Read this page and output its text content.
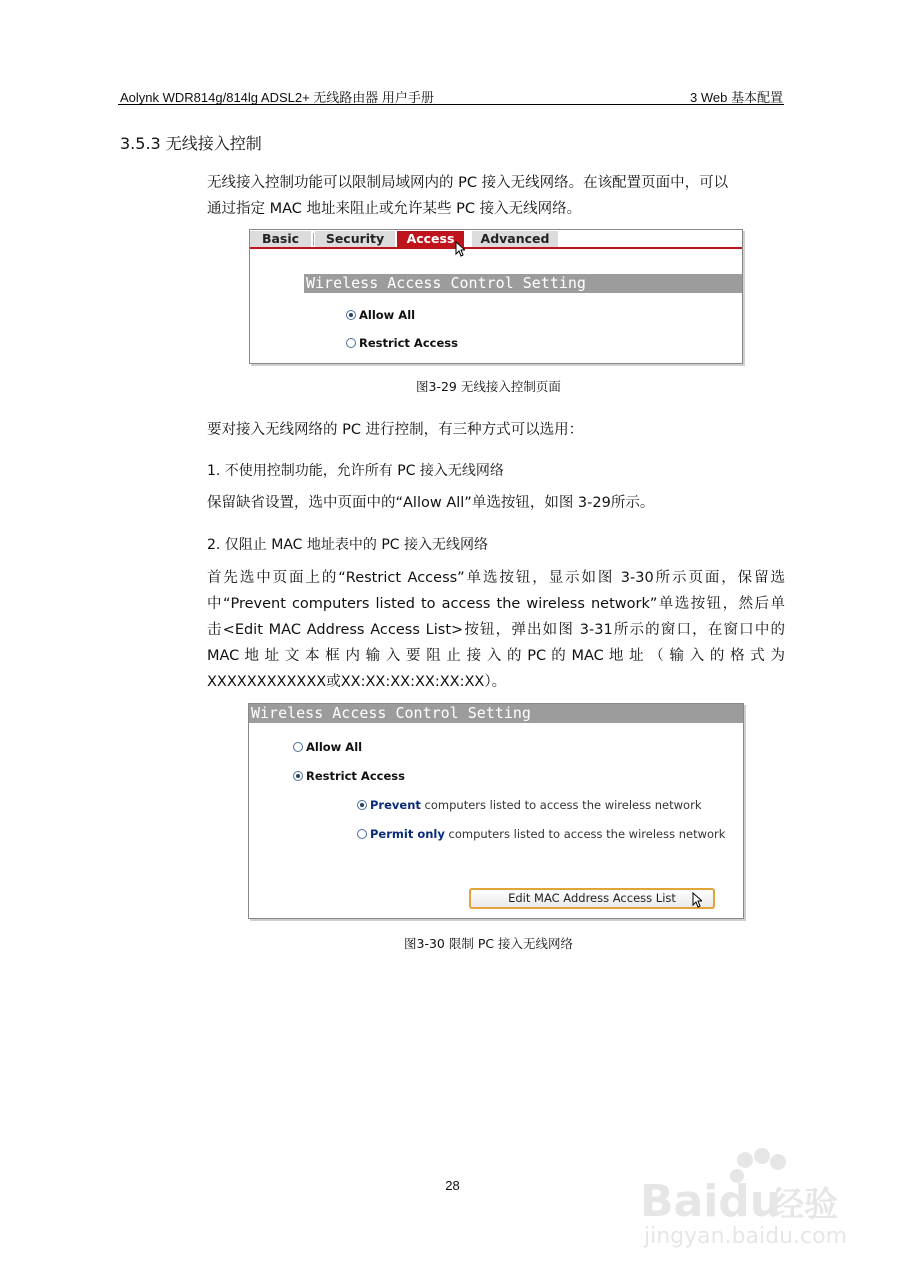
Aolynk WDR814g/814lg ADSL2+ 无线路由器 用户手册	3 Web 基本配置
3.5.3 无线接入控制
无线接入控制功能可以限制局域网内的 PC 接入无线网络。在该配置页面中，可以
通过指定 MAC 地址来阻止或允许某些 PC 接入无线网络。
Basic	Security	Access	Advanced
Wireless Access Control Setting
Allow All
Restrict Access
图3-29 无线接入控制页面
要对接入无线网络的 PC 进行控制，有三种方式可以选用：
1. 不使用控制功能，允许所有 PC 接入无线网络
保留缺省设置，选中页面中的“Allow All”单选按钮，如图 3-29所示。
2. 仅阻止 MAC 地址表中的 PC 接入无线网络
首先选中页面上的“Restrict Access”单选按钮，显示如图 3-30所示页面，保留选
中“Prevent computers listed to access the wireless network”单选按钮，然后单
击<Edit MAC Address Access List>按钮，弹出如图 3-31所示的窗口，在窗口中的
MAC 地 址 文 本 框 内 输 入 要 阻 止 接 入 的 PC 的 MAC 地 址 （ 输 入 的 格 式 为
XXXXXXXXXXXX或XX:XX:XX:XX:XX:XX）。
Wireless Access Control Setting
Allow All
Restrict Access
Prevent computers listed to access the wireless network
Permit only computers listed to access the wireless network
Edit MAC Address Access List
图3-30 限制 PC 接入无线网络
28	Baidu
经验
jingyan.baidu.com
